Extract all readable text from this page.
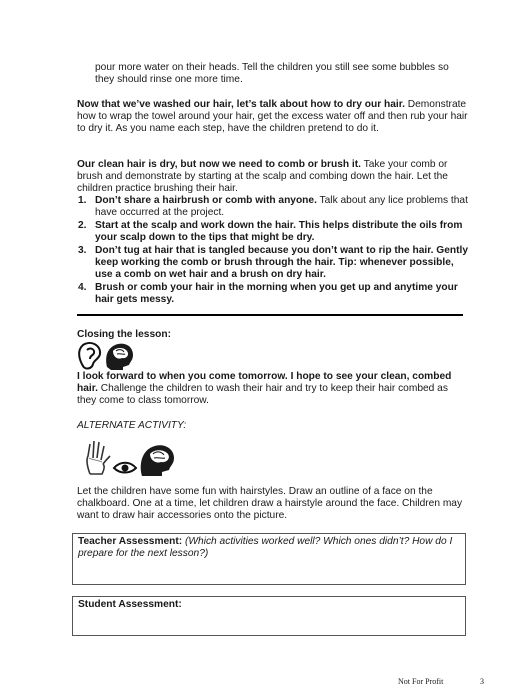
pour more water on their heads. Tell the children you still see some bubbles so they should rinse one more time.

Now that we’ve washed our hair, let’s talk about how to dry our hair. Demonstrate how to wrap the towel around your hair, get the excess water off and then rub your hair to dry it. As you name each step, have the children pretend to do it.

Our clean hair is dry, but now we need to comb or brush it. Take your comb or brush and demonstrate by starting at the scalp and combing down the hair. Let the children practice brushing their hair.

1. Don’t share a hairbrush or comb with anyone. Talk about any lice problems that have occurred at the project.
2. Start at the scalp and work down the hair. This helps distribute the oils from your scalp down to the tips that might be dry.
3. Don’t tug at hair that is tangled because you don’t want to rip the hair. Gently keep working the comb or brush through the hair. Tip: whenever possible, use a comb on wet hair and a brush on dry hair.
4. Brush or comb your hair in the morning when you get up and anytime your hair gets messy.

Closing the lesson:

I look forward to when you come tomorrow. I hope to see your clean, combed hair. Challenge the children to wash their hair and try to keep their hair combed as they come to class tomorrow.

ALTERNATE ACTIVITY:

Let the children have some fun with hairstyles. Draw an outline of a face on the chalkboard. One at a time, let children draw a hairstyle around the face. Children may want to draw hair accessories onto the picture.

Teacher Assessment: (Which activities worked well? Which ones didn’t? How do I prepare for the next lesson?)
Student Assessment:
Not For Profit	3
